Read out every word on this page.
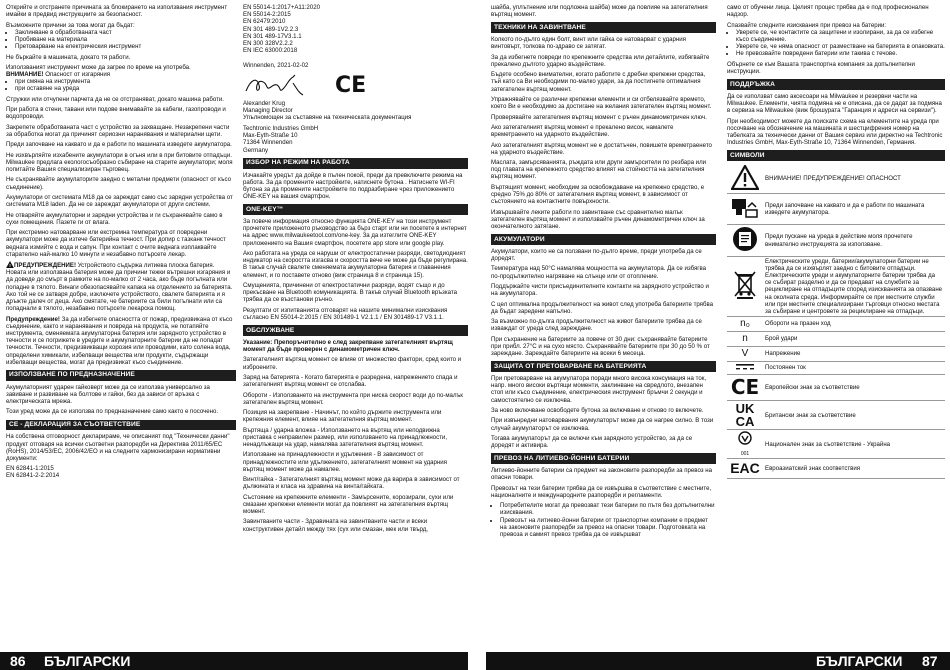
Открийте и отстранете причината за блокирането на използвания инструмент имайки в предвид инструкциите за безопасност.

Възможните причини за това могат да бъдат:

• Заклинване в обработваната част
• Пробиване на материала
• Претоварване на електрическия инструмент

Не бъркайте в машината, докато тя работи.

Използваният инструмент може да загрее по време на употреба.
ВНИМАНИЕ! Опасност от изгаряния

• при смяна на инструмента
• при оставяне на уреда

Стружки или отчупени парчета да не се отстраняват, докато машина работи.

При работа в стени, тавани или подове внимавайте за кабели, газопроводи и водопроводи.

Закрепете обработваната част с устройство за захващане. Незакрепени части за обработка могат да причинят сериозни наранявания и материални щети.

Преди започване на каквато и да е работи по машината изведете акумулатора.

Не изхвърляйте изхабените акумулатори в огъня или в при битовите отпадъци. Milwaukee предлага екологосъобразно събиране на старите акумулатори; моля попитайте Вашия специализиран търговец.

Не съхранявайте акумулаторите заедно с метални предмети (опасност от късо съединение).

Акумулатори от системата M18 да се зареждат само със зарядни устройства от системата M18 laden. Да не се зареждат акумулатори от други системи.

Не отваряйте акумулаторни и зарядни устройства и ги съхранявайте само в сухи помещения. Пазете ги от влага.

При екстремно натоварване или екстремна температура от повредени акумулатори може да изтече батерийна течност. При допир с тазканк течност веднага измийте с вода и сапун. При контакт с очите веднага изплаквайте старателно най-малко 10 минути и незабавно потърсете лекар.

! ПРЕДУПРЕЖДЕНИЕ! Устройството съдържа литиева плоска батерия. Новата или използвана батерия може да причини тежки вътрешни изгаряния и да доведе до смърт в рамките на по-малко от 2 часа, ако бъде погълната или попадне в тялото. Винаги обезопасявайте капака на отделението за батерията. Ако той не се затваря добре, изключете устройството, свалете батерията и я дръжте далеч от деца. Ако смятате, че батериите са били погълнати или са попаднали в тялото, незабавно потърсете лекарска помощ.

Предупреждение! За да избегнете опасността от пожар, предизвикана от късо съединение, както и наранявания и повреда на продукта, не потапяйте инструмента, сменяемата акумулаторна батерия или зарядното устройство в течности и се погрижете в уредите и акумулаторните батерии да не попадат течности. Течности, предизвикващи корозия или проводими, като солена вода, определени химикали, избелващи вещества или продукти, съдържащи избелващи вещества, могат да предизвикат късо съединение.

ИЗПОЛЗВАНЕ ПО ПРЕДНАЗНАЧЕНИЕ

Акумулаторният ударен гайковерт може да се използва универсално за завиване и развиване на болтове и гайки, без да зависи от връзка с електрическата мрежа.

Този уред може да се използва по предназначение само както е посочено.

СЕ - ДЕКЛАРАЦИЯ ЗА СЪОТВЕТСТВИЕ

На собствена отговорност декларираме, че описаният под "Технически данни" продукт отговаря на всички съответни разпоредби на Директива 2011/65/ЕС (RoHS), 2014/53/ЕС, 2006/42/ЕО и на следните хармонизирани нормативни документи:

EN 62841-1:2015
EN 62841-2-2:2014
EN 55014-1:2017+A11:2020
EN 55014-2:2015
EN 62479:2010
EN 301 489-1V2.2.3
EN 301 489-17V3.1.1
EN 300 328V2.2.2
EN IEC 63000:2018
Winnenden, 2021-02-02
CE
Alexander Krug
Managing Director
Упълномощен за съставяне на техническата документация
Techtronic Industries GmbH
Max-Eyth-Straße 10
71364 Winnenden
Germany
ИЗБОР НА РЕЖИМ НА РАБОТА

Изчакайте уредът да дойде в пълен покой, преди да превключите режима на работа. За да промените настройките, натиснете бутона . Натиснете WI-FI бутона за да промените настройките по подразбиране чрез приложението ONE-KEY на вашия смартфон.

ONE-KEY™

За повече информация относно функцията ONE-KEY на този инструмент прочетете приложеното ръководство за бърз старт или ни посетете в интернет на адрес www.milwaukeetool.com/one-key. За да изтеглите ONE-KEY приложението на Вашия смартфон, посетете app store или google play.

Ако работата на уреда се наруши от електростатични разряди, светодиодният индикатор на скоростта изгасва и скоростта вече не може да бъде регулирана. В такъв случай свалете сменяемата акумулаторна батерия и главанения елемент, и го поставете отново (виж страница 8 и страница 15).

Смущенията, причинени от електростатични разряди, водят също и до прекъсване на Bluetooth комуникацията. В такъв случай Bluetooth връзката трябва да се възстанови ръчно.

Резултати от изпитванията отговарят на нашите минимални изисквания съгласно EN 55014-2:2015 / EN 301489-1 V2.1.1 / EN 301489-17 V3.1.1.

ОБСЛУЖВАНЕ

Указание: Препоръчително е след закрепване затегателният въртящ момент да бъде проверен с динамометричен ключ.

Затегателният въртящ момент се влияе от множество фактори, сред които и изброените.

Заряд на батерията - Когато батерията е разредена, напрежението спада и затегателният въртящ момент се отслабва.

Обороти - Използването на инструмента при ниска скорост води до по-малък затегателен въртящ момент.

Позиция на закрепване - Начинът, по който държите инструмента или крепежния елемент, влияе на затегателния въртящ момент.

Въртяща / ударна вложка - Използването на въртящ или неподвижна приставка с неправилен размер, или използването на принадлежности, ненадлъжащи на удар, намалява затегателния въртящ момент.

Използване на принадлежности и удължения - В зависимост от принадлежностите или удължението, затегателният момент на ударния въртящ момент може да намалее.

Винт/гайка - Затегателният въртящ момент може да варира в зависимост от дължината и класа на здравина на винта/гайката.

Състояние на крепежните елементи - Замърсените, корозирали, сухи или смазани крепежни елементи могат да повлияят на затегателния въртящ момент.

Завинтваните части - Здравината на завинтваните части и всеки конструктивен детайл между тях (сух или смазан, мек или твърд,

шайба, уплътнение или подложна шайба) може да повлияе на затегателния въртящ момент.

ТЕХНИКИ НА ЗАВИНТВАНЕ

Колкото по-дълго един болт, винт или гайка се натоварват с ударния винтовърт, толкова по-здраво се затягат.

За да избегнете повреди по крепежните средства или детайлите, избягвайте прекалено дългото ударно въздействие.

Бъдете особено внимателни, когато работите с дребни крепежни средства, тъй като са Ви необходими по-малко удари, за да постигнете оптималния затегателен въртящ момент.

Упражнявайте се различни крепежни елементи и си отбелязвайте времето, което Ви е необходимо за достигане на желания затегателен въртящ момент.

Проверявайте затегателния въртящ момент с ръчен динамометричен ключ.

Ако затегателният въртящ момент е прекалено висок, намалете времетраенето на ударното въздействие.

Ако затегателният въртящ момент не е достатъчен, повишете времетраенето на ударното въздействие.

Маслата, замърсяванията, ръждата или други замърсители по резбара или под главата на крепежното средство влияят на стойността на затегателния въртящ момент.

Въртящият момент, необходим за освобождаване на крепежно средство, е средно 75% до 80% от затегателния въртящ момент, в зависимост от състоянието на контактните повърхности.

Извършвайте леките работи по завинтване със сравнително малък затегателен въртящ момент и използвайте ръчен динамометричен ключ за окончателното затягане.

АКУМУЛАТОРИ

Акумулатори, които не са ползвани по-дълго време, преди употреба да се доредят.

Температура над 50°С намалява мощността на акумулатора. Да се избягва по-продължително нагряване на слънце или от отопление.

Поддържайте чисти присъединителните контакти на зарядното устройство и на акумулатора.

С цел оптимална продължителност на живот след употреба батериите трябва да бъдат заредени напълно.

За възможно по-дълга продължителност на живот батериите трябва да се изваждат от уреда след зареждане.

При съхранение на батериите за повече от 30 дни: съхранявайте батериите при прибл. 27°С и на сухо място. Съхранявайте батериите при 30 до 50 % от зареждане. Зареждайте батериите на всеки 6 месеца.

ЗАЩИТА ОТ ПРЕТОВАРВАНЕ НА БАТЕРИЯТА

При претоварване на акумулатора поради много висока консумация на ток, напр. много високи въртящи моменти, заклинване на свредлото, внезапен стоп или късо съединение, електрическия инструмент бръмчи 2 секунди и самостоятелно се изключва.

За ново включване освободете бутона за включване и отново го включете.

При извънредни натоварвания акумулаторът може да се нагрее силно. В този случай акумулаторът се изключва.

Тогава акумулаторът да се включи към зарядното устройство, за да се доредят и активира.

ПРЕВОЗ НА ЛИТИЕВО-ЙОННИ БАТЕРИИ

Литиево-йонните батерии са предмет на законовите разпоредби за превоз на опасни товари.

Превозът на тези батерии трябва да се извършва в съответствие с местните, националните и международните разпоредби и регламенти.

• Потребителите могат да превозват тези батерии по пътя без допълнителни изисквания.
• Превозът на литиево-йонни батерии от транспортни компании е предмет на законовите разпоредби за превоз на опасни товари. Подготовката на превоза и самият превоз трябва да се извършват

само от обучени лица. Целият процес трябва да е под професионален надзор.

Спазвайте следните изисквания при превоз на батерии:

• Уверете се, че контактите са защитени и изолирани, за да се избегне късо съединение.
• Уверете се, че няма опасност от разместване на батерията в опаковката.
• Не превозвайте повредени батерии или такива с течове.

Обърнете се към Вашата транспортна компания за допълнителни инструкции.

ПОДДРЪЖКА

Да се използват само аксесоари на Milwaukee и резервни части на Milwaukee. Елементи, чията подмяна не е описана, да се дадат за подмяна в сервиза на Milwaukee (виж брошурата "Гаранция и адреси на сервизи").

При необходимост можете да поискате схема на елементите на уреда при посочване на обозначение на машината и шестцифрения номер на табелката за технически данни от Вашия сервиз или директно на Techtronic Industries GmbH, Max-Eyth-Straße 10, 71364 Winnenden, Германия.

СИМВОЛИ
	ВНИМАНИЕ! ПРЕДУПРЕЖДЕНИЕ! ОПАСНОСТ
	Преди започване на каквато и да е работи по машината изведете акумулатора.
	Преди пускане на уреда в действие моля прочетете внимателно инструкцията за използване.
	Електрическите уреди, батерии/акумулаторни батерии не трябва да се изхвърлят заедно с битовите отпадъци. Електрическите уреди и акумулаторните батерии трябва да се събират разделно и да се предават на службите за рециклиране на отпадъците според изискванията за опазване на околната среда. Информирайте се при местните служби или при местните специализирани търговци относно местата за събиране и центровете за рециклиране на отпадъци.
n₀	Обороти на празен ход
n	Брой удари
V	Напрежение
	Постоянен ток
CE	Европейски знак за съответствие

UK
CA	Британски знак за съответствие

001	Национален знак за съответствие - Украйна
EAC	Евроазиатский знак соответствия
86 БЪЛГАРСКИ	БЪЛГАРСКИ 87
